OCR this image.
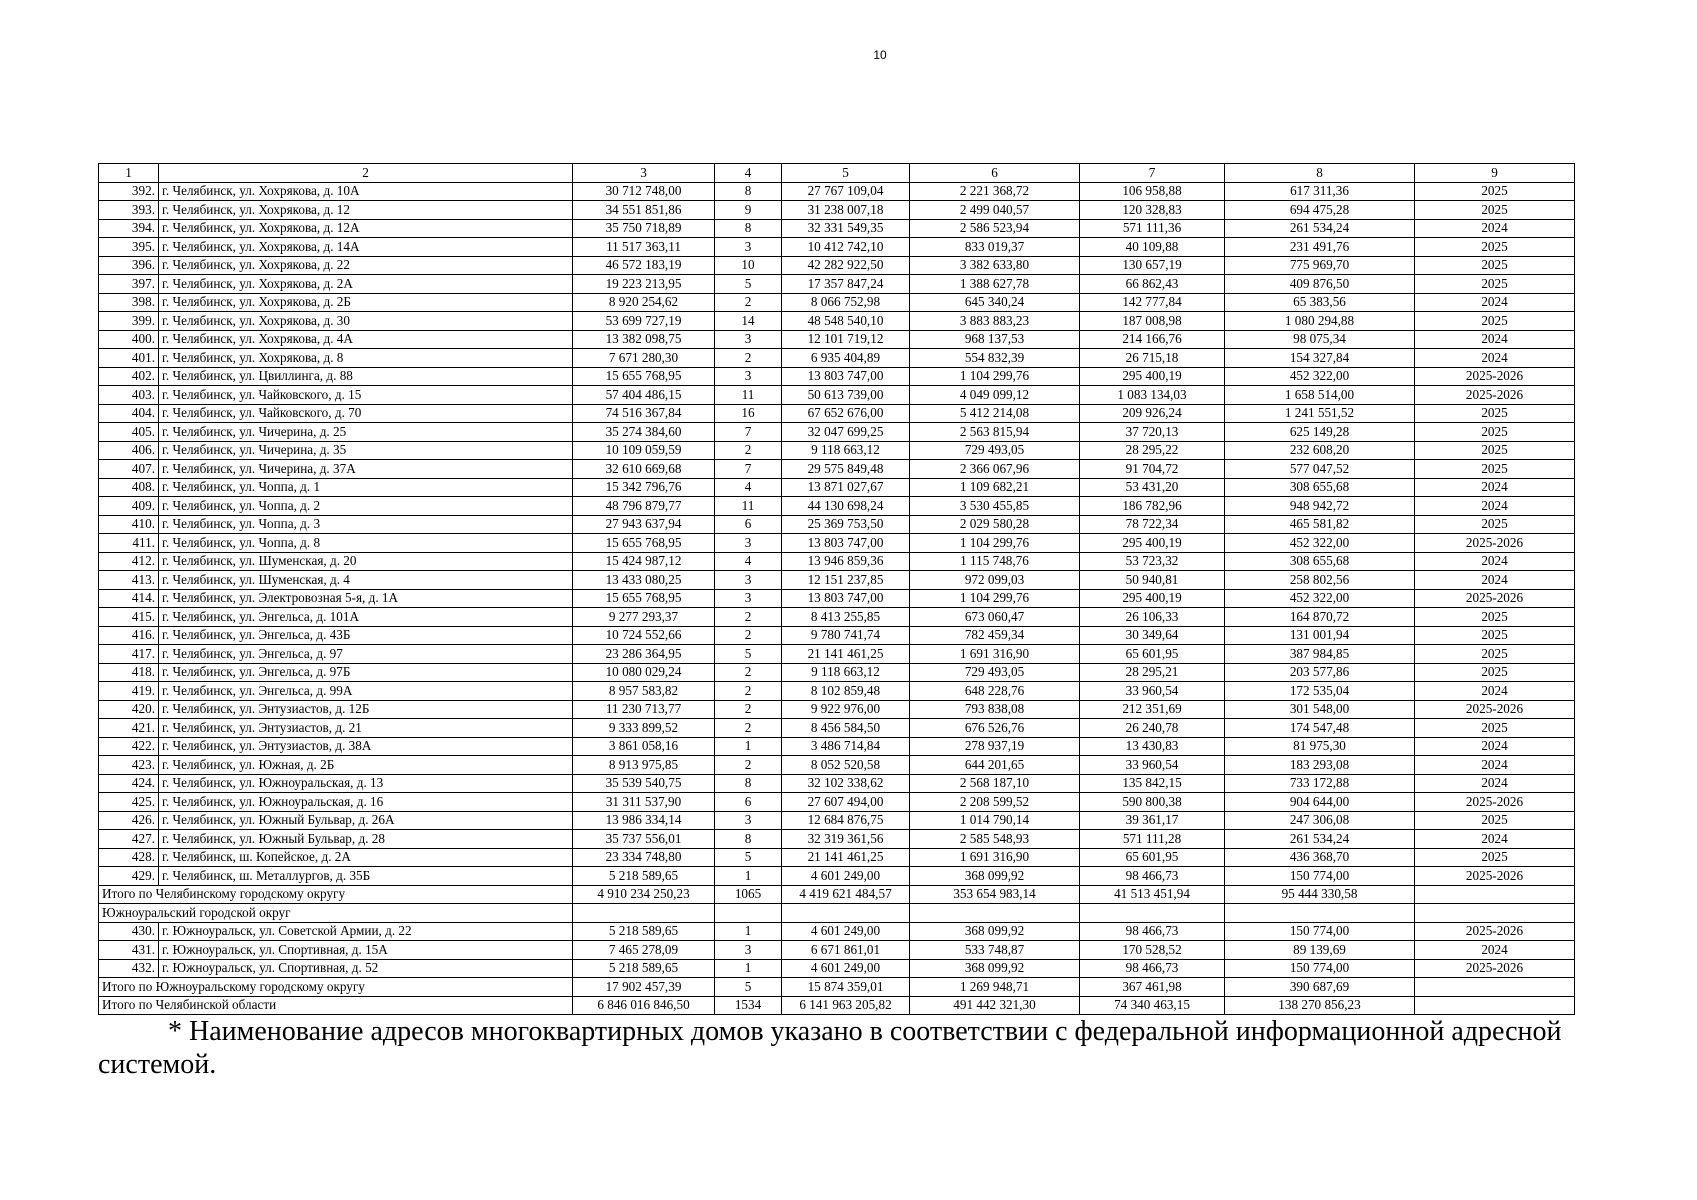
10
1	2	3	4	5	6	7	8	9
392.	г. Челябинск, ул. Хохрякова, д. 10А	30 712 748,00	8	27 767 109,04	2 221 368,72	106 958,88	617 311,36	2025
393.	г. Челябинск, ул. Хохрякова, д. 12	34 551 851,86	9	31 238 007,18	2 499 040,57	120 328,83	694 475,28	2025
394.	г. Челябинск, ул. Хохрякова, д. 12А	35 750 718,89	8	32 331 549,35	2 586 523,94	571 111,36	261 534,24	2024
395.	г. Челябинск, ул. Хохрякова, д. 14А	11 517 363,11	3	10 412 742,10	833 019,37	40 109,88	231 491,76	2025
396.	г. Челябинск, ул. Хохрякова, д. 22	46 572 183,19	10	42 282 922,50	3 382 633,80	130 657,19	775 969,70	2025
397.	г. Челябинск, ул. Хохрякова, д. 2А	19 223 213,95	5	17 357 847,24	1 388 627,78	66 862,43	409 876,50	2025
398.	г. Челябинск, ул. Хохрякова, д. 2Б	8 920 254,62	2	8 066 752,98	645 340,24	142 777,84	65 383,56	2024
399.	г. Челябинск, ул. Хохрякова, д. 30	53 699 727,19	14	48 548 540,10	3 883 883,23	187 008,98	1 080 294,88	2025
400.	г. Челябинск, ул. Хохрякова, д. 4А	13 382 098,75	3	12 101 719,12	968 137,53	214 166,76	98 075,34	2024
401.	г. Челябинск, ул. Хохрякова, д. 8	7 671 280,30	2	6 935 404,89	554 832,39	26 715,18	154 327,84	2024
402.	г. Челябинск, ул. Цвиллинга, д. 88	15 655 768,95	3	13 803 747,00	1 104 299,76	295 400,19	452 322,00	2025-2026
403.	г. Челябинск, ул. Чайковского, д. 15	57 404 486,15	11	50 613 739,00	4 049 099,12	1 083 134,03	1 658 514,00	2025-2026
404.	г. Челябинск, ул. Чайковского, д. 70	74 516 367,84	16	67 652 676,00	5 412 214,08	209 926,24	1 241 551,52	2025
405.	г. Челябинск, ул. Чичерина, д. 25	35 274 384,60	7	32 047 699,25	2 563 815,94	37 720,13	625 149,28	2025
406.	г. Челябинск, ул. Чичерина, д. 35	10 109 059,59	2	9 118 663,12	729 493,05	28 295,22	232 608,20	2025
407.	г. Челябинск, ул. Чичерина, д. 37А	32 610 669,68	7	29 575 849,48	2 366 067,96	91 704,72	577 047,52	2025
408.	г. Челябинск, ул. Чоппа, д. 1	15 342 796,76	4	13 871 027,67	1 109 682,21	53 431,20	308 655,68	2024
409.	г. Челябинск, ул. Чоппа, д. 2	48 796 879,77	11	44 130 698,24	3 530 455,85	186 782,96	948 942,72	2024
410.	г. Челябинск, ул. Чоппа, д. 3	27 943 637,94	6	25 369 753,50	2 029 580,28	78 722,34	465 581,82	2025
411.	г. Челябинск, ул. Чоппа, д. 8	15 655 768,95	3	13 803 747,00	1 104 299,76	295 400,19	452 322,00	2025-2026
412.	г. Челябинск, ул. Шуменская, д. 20	15 424 987,12	4	13 946 859,36	1 115 748,76	53 723,32	308 655,68	2024
413.	г. Челябинск, ул. Шуменская, д. 4	13 433 080,25	3	12 151 237,85	972 099,03	50 940,81	258 802,56	2024
414.	г. Челябинск, ул. Электровозная 5-я, д. 1А	15 655 768,95	3	13 803 747,00	1 104 299,76	295 400,19	452 322,00	2025-2026
415.	г. Челябинск, ул. Энгельса, д. 101А	9 277 293,37	2	8 413 255,85	673 060,47	26 106,33	164 870,72	2025
416.	г. Челябинск, ул. Энгельса, д. 43Б	10 724 552,66	2	9 780 741,74	782 459,34	30 349,64	131 001,94	2025
417.	г. Челябинск, ул. Энгельса, д. 97	23 286 364,95	5	21 141 461,25	1 691 316,90	65 601,95	387 984,85	2025
418.	г. Челябинск, ул. Энгельса, д. 97Б	10 080 029,24	2	9 118 663,12	729 493,05	28 295,21	203 577,86	2025
419.	г. Челябинск, ул. Энгельса, д. 99А	8 957 583,82	2	8 102 859,48	648 228,76	33 960,54	172 535,04	2024
420.	г. Челябинск, ул. Энтузиастов, д. 12Б	11 230 713,77	2	9 922 976,00	793 838,08	212 351,69	301 548,00	2025-2026
421.	г. Челябинск, ул. Энтузиастов, д. 21	9 333 899,52	2	8 456 584,50	676 526,76	26 240,78	174 547,48	2025
422.	г. Челябинск, ул. Энтузиастов, д. 38А	3 861 058,16	1	3 486 714,84	278 937,19	13 430,83	81 975,30	2024
423.	г. Челябинск, ул. Южная, д. 2Б	8 913 975,85	2	8 052 520,58	644 201,65	33 960,54	183 293,08	2024
424.	г. Челябинск, ул. Южноуральская, д. 13	35 539 540,75	8	32 102 338,62	2 568 187,10	135 842,15	733 172,88	2024
425.	г. Челябинск, ул. Южноуральская, д. 16	31 311 537,90	6	27 607 494,00	2 208 599,52	590 800,38	904 644,00	2025-2026
426.	г. Челябинск, ул. Южный Бульвар, д. 26А	13 986 334,14	3	12 684 876,75	1 014 790,14	39 361,17	247 306,08	2025
427.	г. Челябинск, ул. Южный Бульвар, д. 28	35 737 556,01	8	32 319 361,56	2 585 548,93	571 111,28	261 534,24	2024
428.	г. Челябинск, ш. Копейское, д. 2А	23 334 748,80	5	21 141 461,25	1 691 316,90	65 601,95	436 368,70	2025
429.	г. Челябинск, ш. Металлургов, д. 35Б	5 218 589,65	1	4 601 249,00	368 099,92	98 466,73	150 774,00	2025-2026
Итого по Челябинскому городскому округу		4 910 234 250,23	1065	4 419 621 484,57	353 654 983,14	41 513 451,94	95 444 330,58	
Южноуральский городской округ								
430.	г. Южноуральск, ул. Советской Армии, д. 22	5 218 589,65	1	4 601 249,00	368 099,92	98 466,73	150 774,00	2025-2026
431.	г. Южноуральск, ул. Спортивная, д. 15А	7 465 278,09	3	6 671 861,01	533 748,87	170 528,52	89 139,69	2024
432.	г. Южноуральск, ул. Спортивная, д. 52	5 218 589,65	1	4 601 249,00	368 099,92	98 466,73	150 774,00	2025-2026
Итого по Южноуральскому городскому округу		17 902 457,39	5	15 874 359,01	1 269 948,71	367 461,98	390 687,69	
Итого по Челябинской области		6 846 016 846,50	1534	6 141 963 205,82	491 442 321,30	74 340 463,15	138 270 856,23	
* Наименование адресов многоквартирных домов указано в соответствии с федеральной информационной адресной системой.
